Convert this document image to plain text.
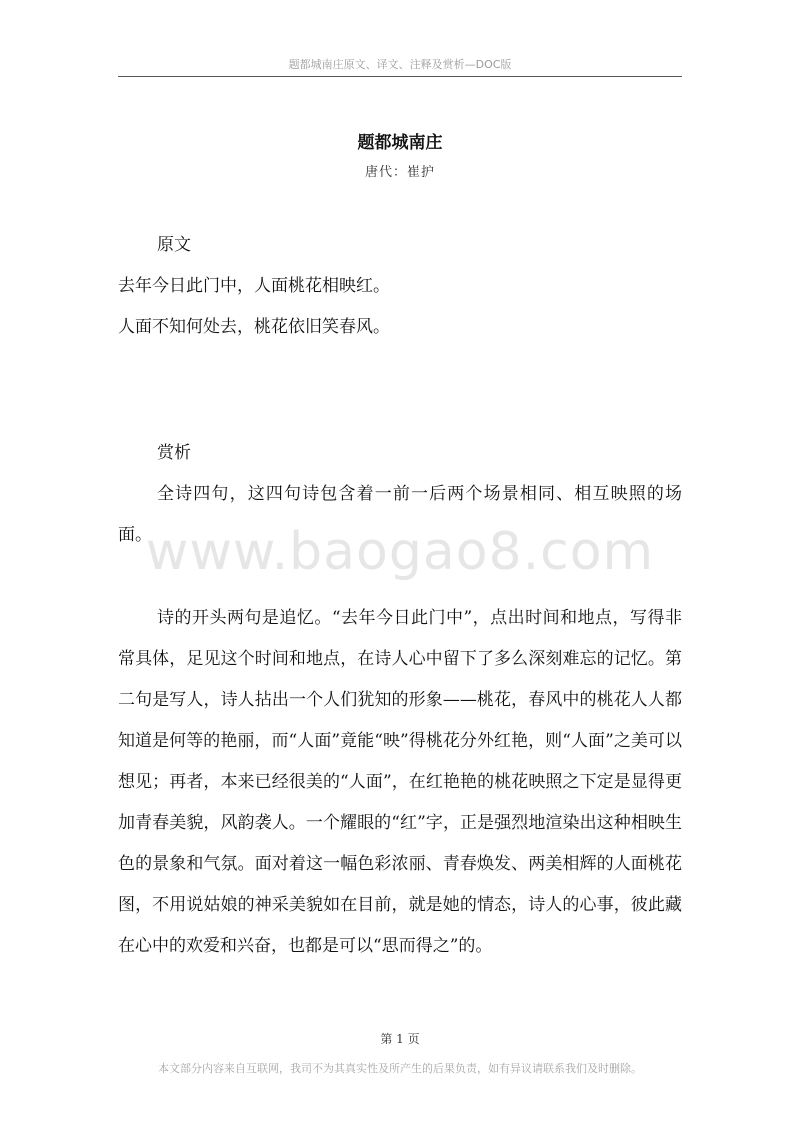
题都城南庄原文、译文、注释及赏析—DOC版
题都城南庄
唐代：崔护
原文
去年今日此门中，人面桃花相映红。
人面不知何处去，桃花依旧笑春风。
赏析
全诗四句，这四句诗包含着一前一后两个场景相同、相互映照的场面。
www.baogao8.com
诗的开头两句是追忆。“去年今日此门中”，点出时间和地点，写得非常具体，足见这个时间和地点，在诗人心中留下了多么深刻难忘的记忆。第二句是写人，诗人拈出一个人们犹知的形象——桃花，春风中的桃花人人都知道是何等的艳丽，而“人面”竟能“映”得桃花分外红艳，则“人面”之美可以想见；再者，本来已经很美的“人面”，在红艳艳的桃花映照之下定是显得更加青春美貌，风韵袭人。一个耀眼的“红”字，正是强烈地渲染出这种相映生色的景象和气氛。面对着这一幅色彩浓丽、青春焕发、两美相辉的人面桃花图，不用说姑娘的神采美貌如在目前，就是她的情态，诗人的心事，彼此藏在心中的欢爱和兴奋，也都是可以“思而得之”的。
第 1 页
本文部分内容来自互联网，我司不为其真实性及所产生的后果负责，如有异议请联系我们及时删除。
